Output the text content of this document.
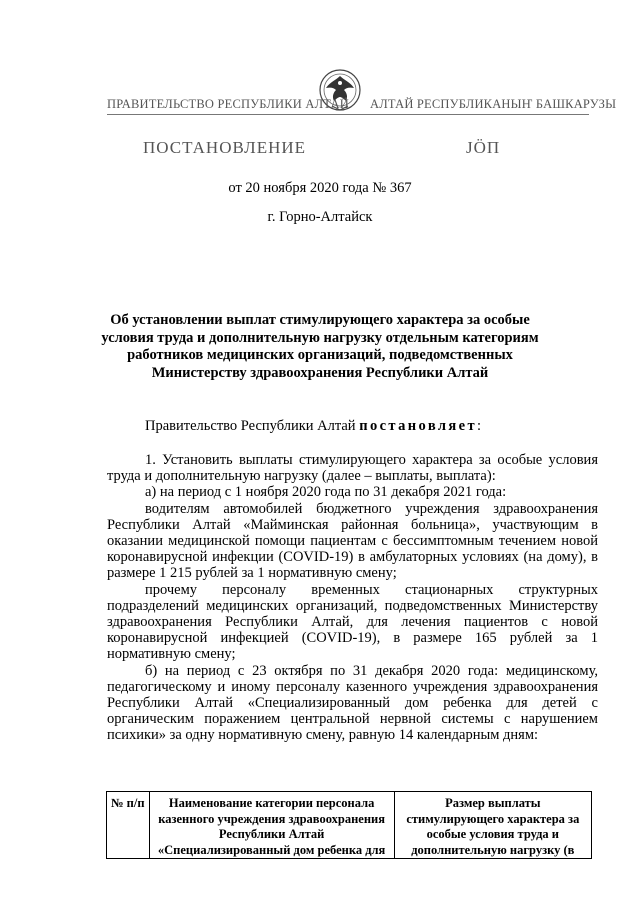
ПРАВИТЕЛЬСТВО РЕСПУБЛИКИ АЛТАЙ АЛТАЙ РЕСПУБЛИКАНЫҤ БАШКАРУЗЫ
ПОСТАНОВЛЕНИЕ	ЈӦП
от 20 ноября 2020 года № 367
г. Горно-Алтайск
Об установлении выплат стимулирующего характера за особые условия труда и дополнительную нагрузку отдельным категориям работников медицинских организаций, подведомственных Министерству здравоохранения Республики Алтай
Правительство Республики Алтай постановляет:

1. Установить выплаты стимулирующего характера за особые условия труда и дополнительную нагрузку (далее – выплаты, выплата):

а) на период с 1 ноября 2020 года по 31 декабря 2021 года:

водителям автомобилей бюджетного учреждения здравоохранения Республики Алтай «Майминская районная больница», участвующим в оказании медицинской помощи пациентам с бессимптомным течением новой коронавирусной инфекции (COVID-19) в амбулаторных условиях (на дому), в размере 1 215 рублей за 1 нормативную смену;

прочему персоналу временных стационарных структурных подразделений медицинских организаций, подведомственных Министерству здравоохранения Республики Алтай, для лечения пациентов с новой коронавирусной инфекцией (COVID-19), в размере 165 рублей за 1 нормативную смену;

б) на период с 23 октября по 31 декабря 2020 года: медицинскому, педагогическому и иному персоналу казенного учреждения здравоохранения Республики Алтай «Специализированный дом ребенка для детей с органическим поражением центральной нервной системы с нарушением психики» за одну нормативную смену, равную 14 календарным дням:

№ п/п	Наименование категории персонала казенного учреждения здравоохранения Республики Алтай «Специализированный дом ребенка для	Размер выплаты стимулирующего характера за особые условия труда и дополнительную нагрузку (в
